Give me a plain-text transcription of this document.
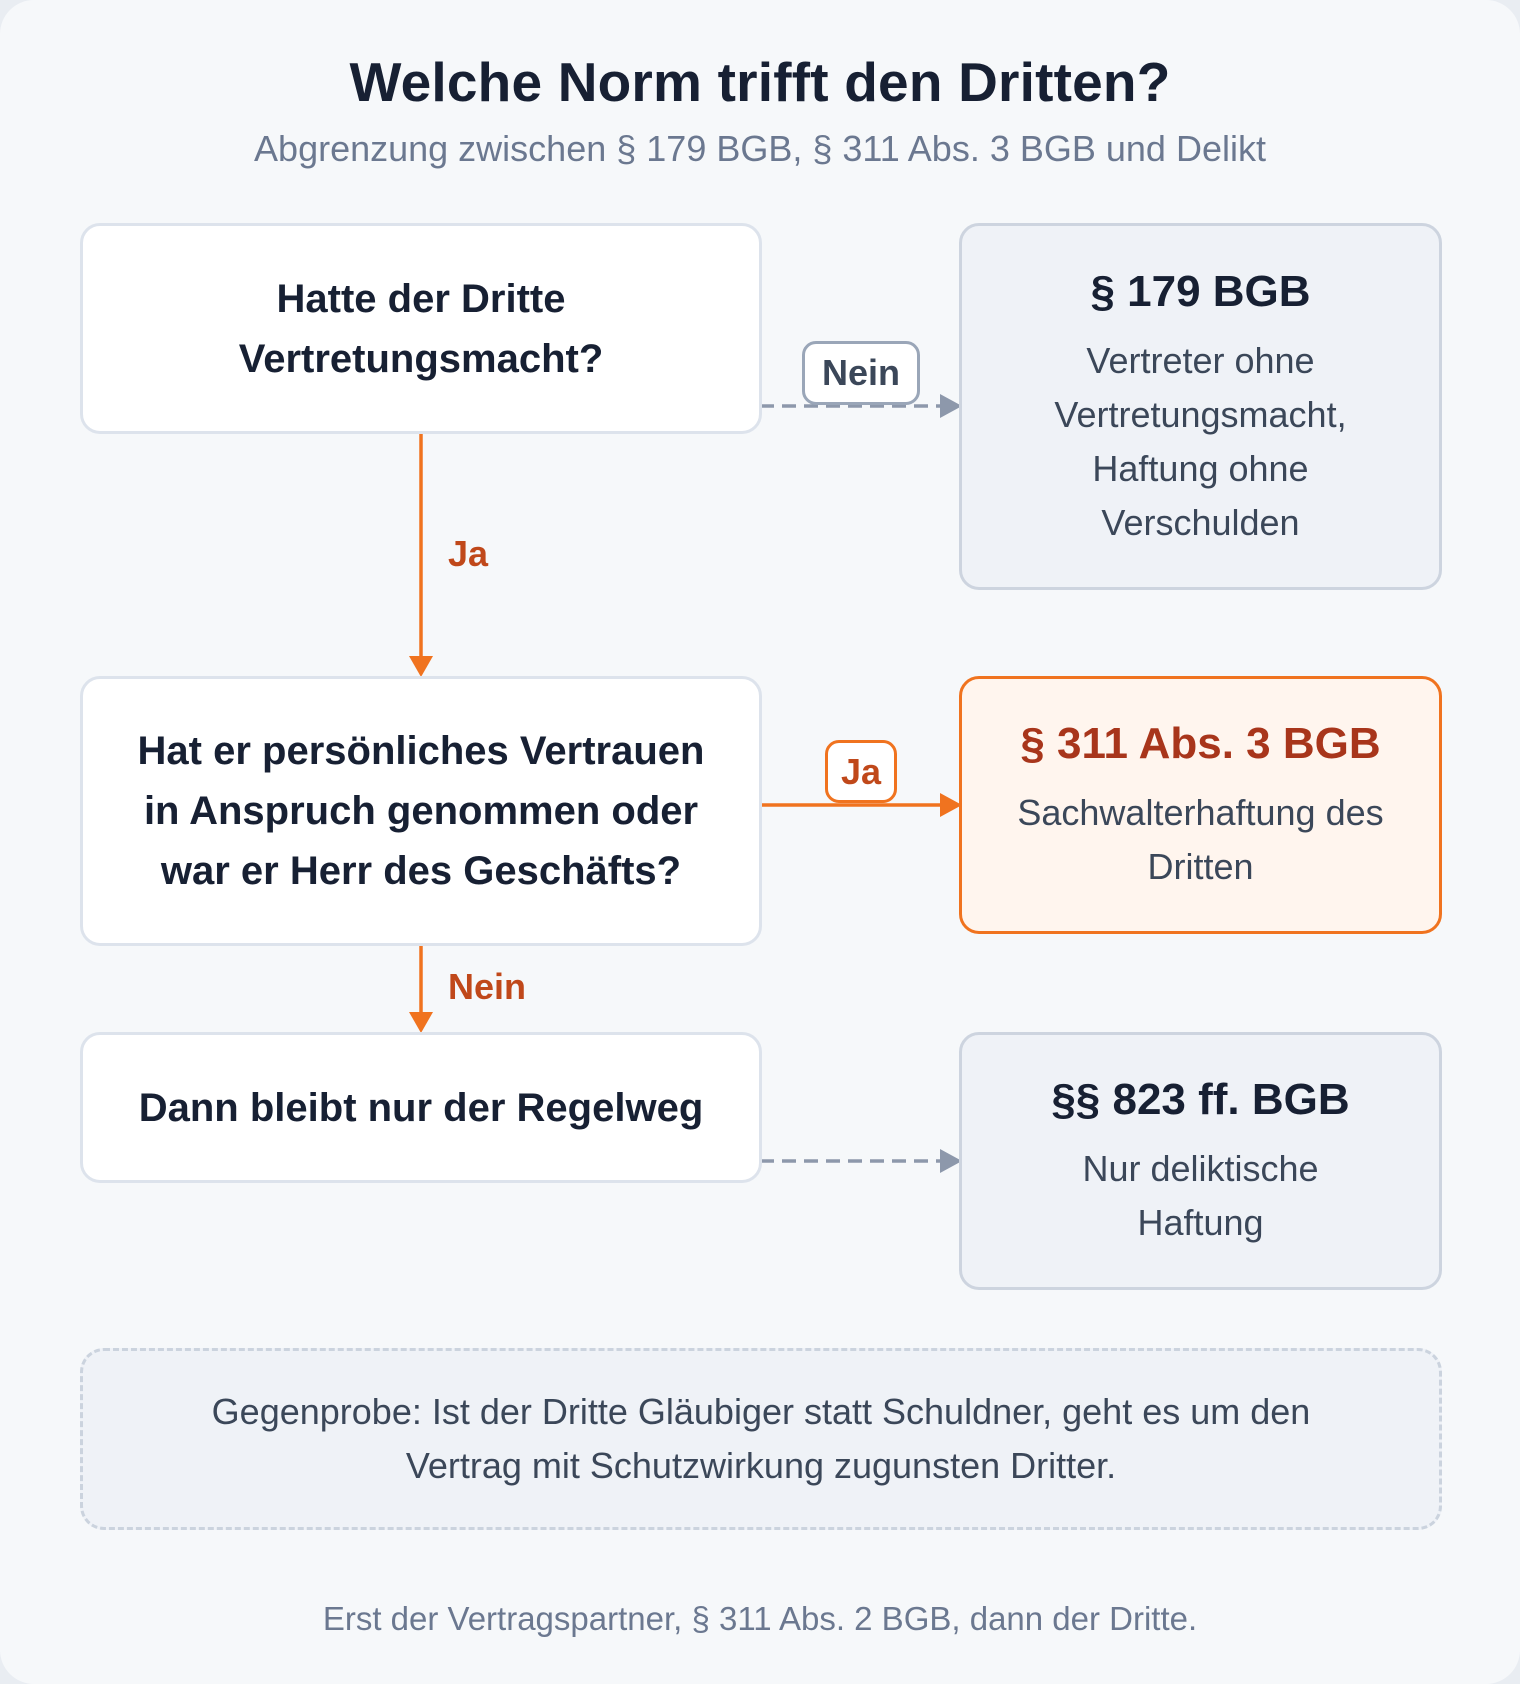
Welche Norm trifft den Dritten?
Abgrenzung zwischen § 179 BGB, § 311 Abs. 3 BGB und Delikt
Hatte der Dritte Vertretungsmacht?
Hat er persönliches Vertrauen in Anspruch genommen oder war er Herr des Geschäfts?
Dann bleibt nur der Regelweg
§ 179 BGB
Vertreter ohne Vertretungsmacht, Haftung ohne Verschulden
§ 311 Abs. 3 BGB
Sachwalterhaftung des Dritten
§§ 823 ff. BGB
Nur deliktische Haftung
Nein
Ja
Ja
Nein
Gegenprobe: Ist der Dritte Gläubiger statt Schuldner, geht es um den Vertrag mit Schutzwirkung zugunsten Dritter.
Erst der Vertragspartner, § 311 Abs. 2 BGB, dann der Dritte.
